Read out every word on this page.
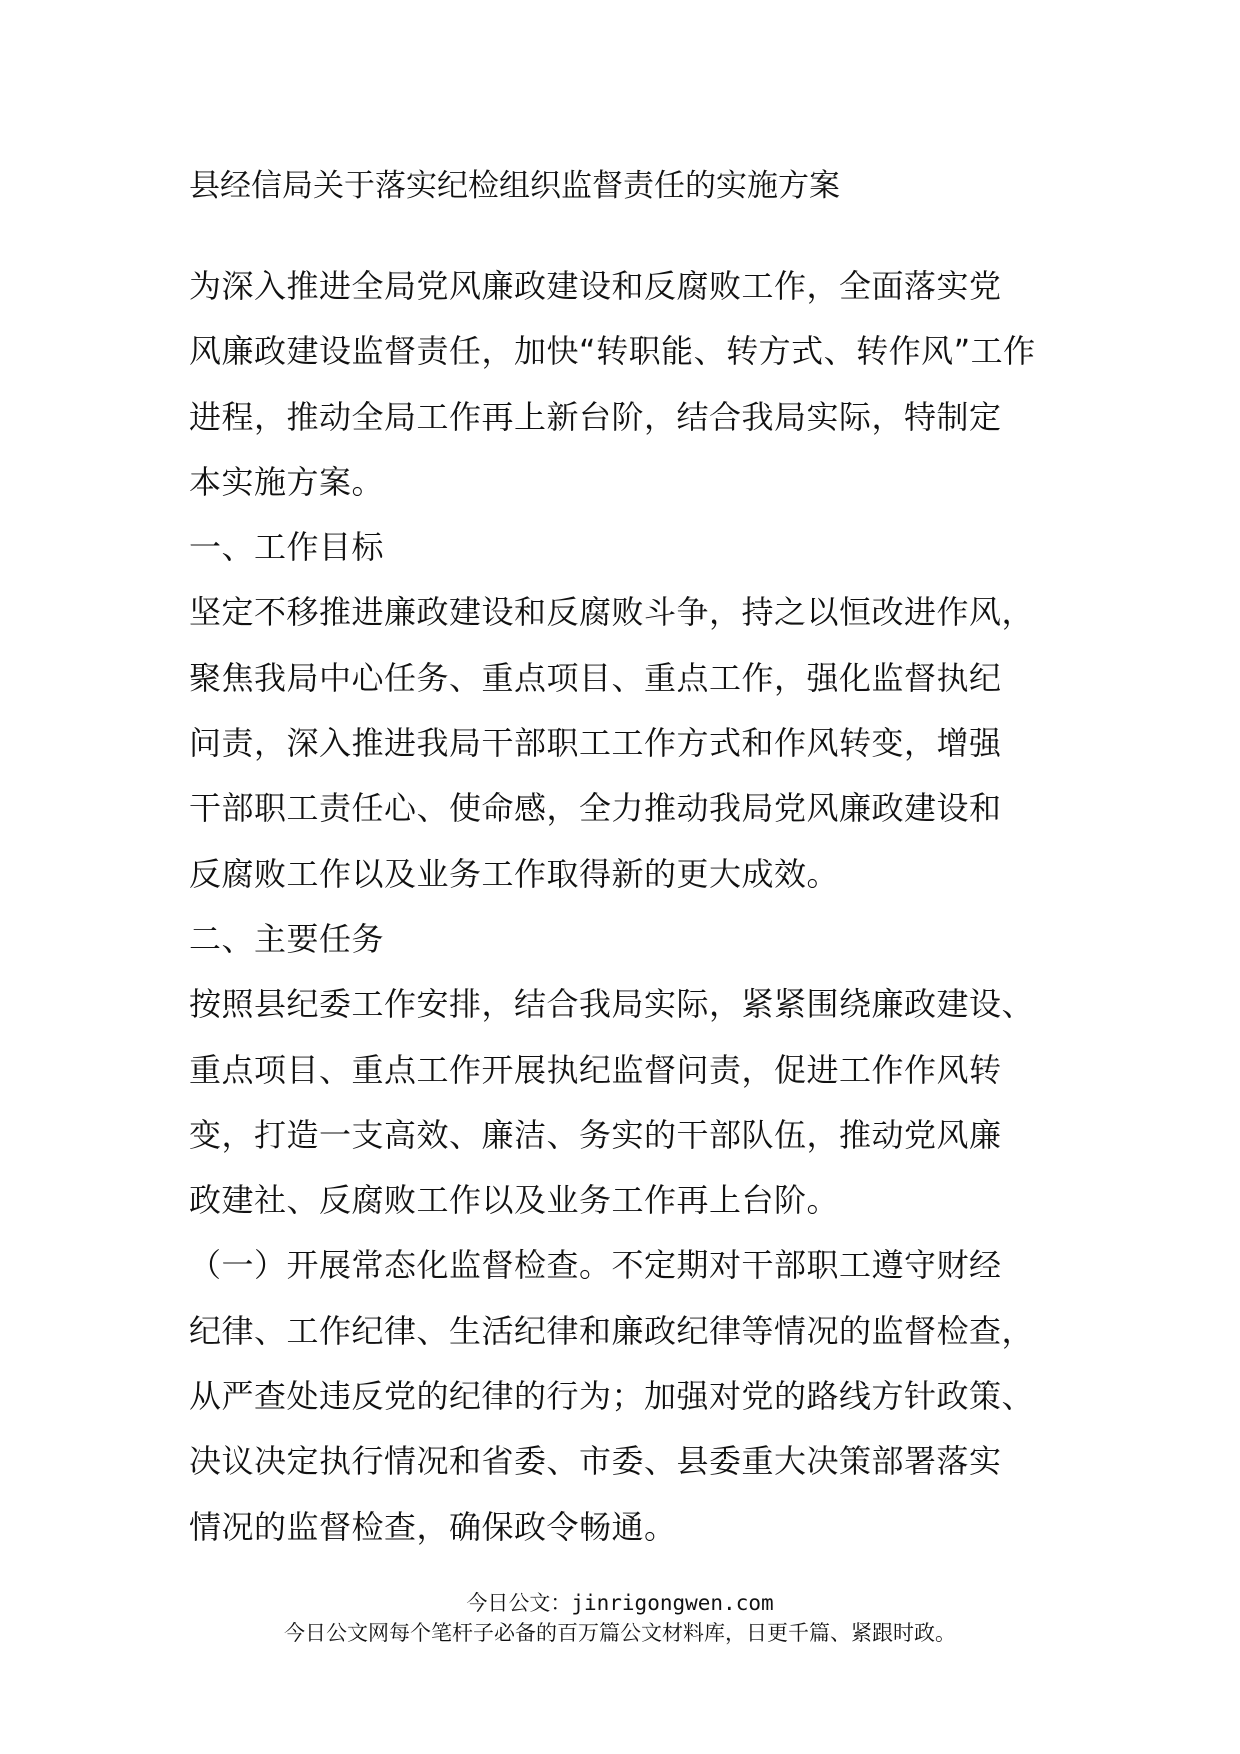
县经信局关于落实纪检组织监督责任的实施方案
为深入推进全局党风廉政建设和反腐败工作，全面落实党
风廉政建设监督责任，加快“转职能、转方式、转作风”工作
进程，推动全局工作再上新台阶，结合我局实际，特制定
本实施方案。
一、工作目标
坚定不移推进廉政建设和反腐败斗争，持之以恒改进作风，
聚焦我局中心任务、重点项目、重点工作，强化监督执纪
问责，深入推进我局干部职工工作方式和作风转变，增强
干部职工责任心、使命感，全力推动我局党风廉政建设和
反腐败工作以及业务工作取得新的更大成效。
二、主要任务
按照县纪委工作安排，结合我局实际，紧紧围绕廉政建设、
重点项目、重点工作开展执纪监督问责，促进工作作风转
变，打造一支高效、廉洁、务实的干部队伍，推动党风廉
政建社、反腐败工作以及业务工作再上台阶。
（一）开展常态化监督检查。不定期对干部职工遵守财经
纪律、工作纪律、生活纪律和廉政纪律等情况的监督检查，
从严查处违反党的纪律的行为；加强对党的路线方针政策、
决议决定执行情况和省委、市委、县委重大决策部署落实
情况的监督检查，确保政令畅通。
今日公文：jinrigongwen.com
今日公文网每个笔杆子必备的百万篇公文材料库，日更千篇、紧跟时政。
